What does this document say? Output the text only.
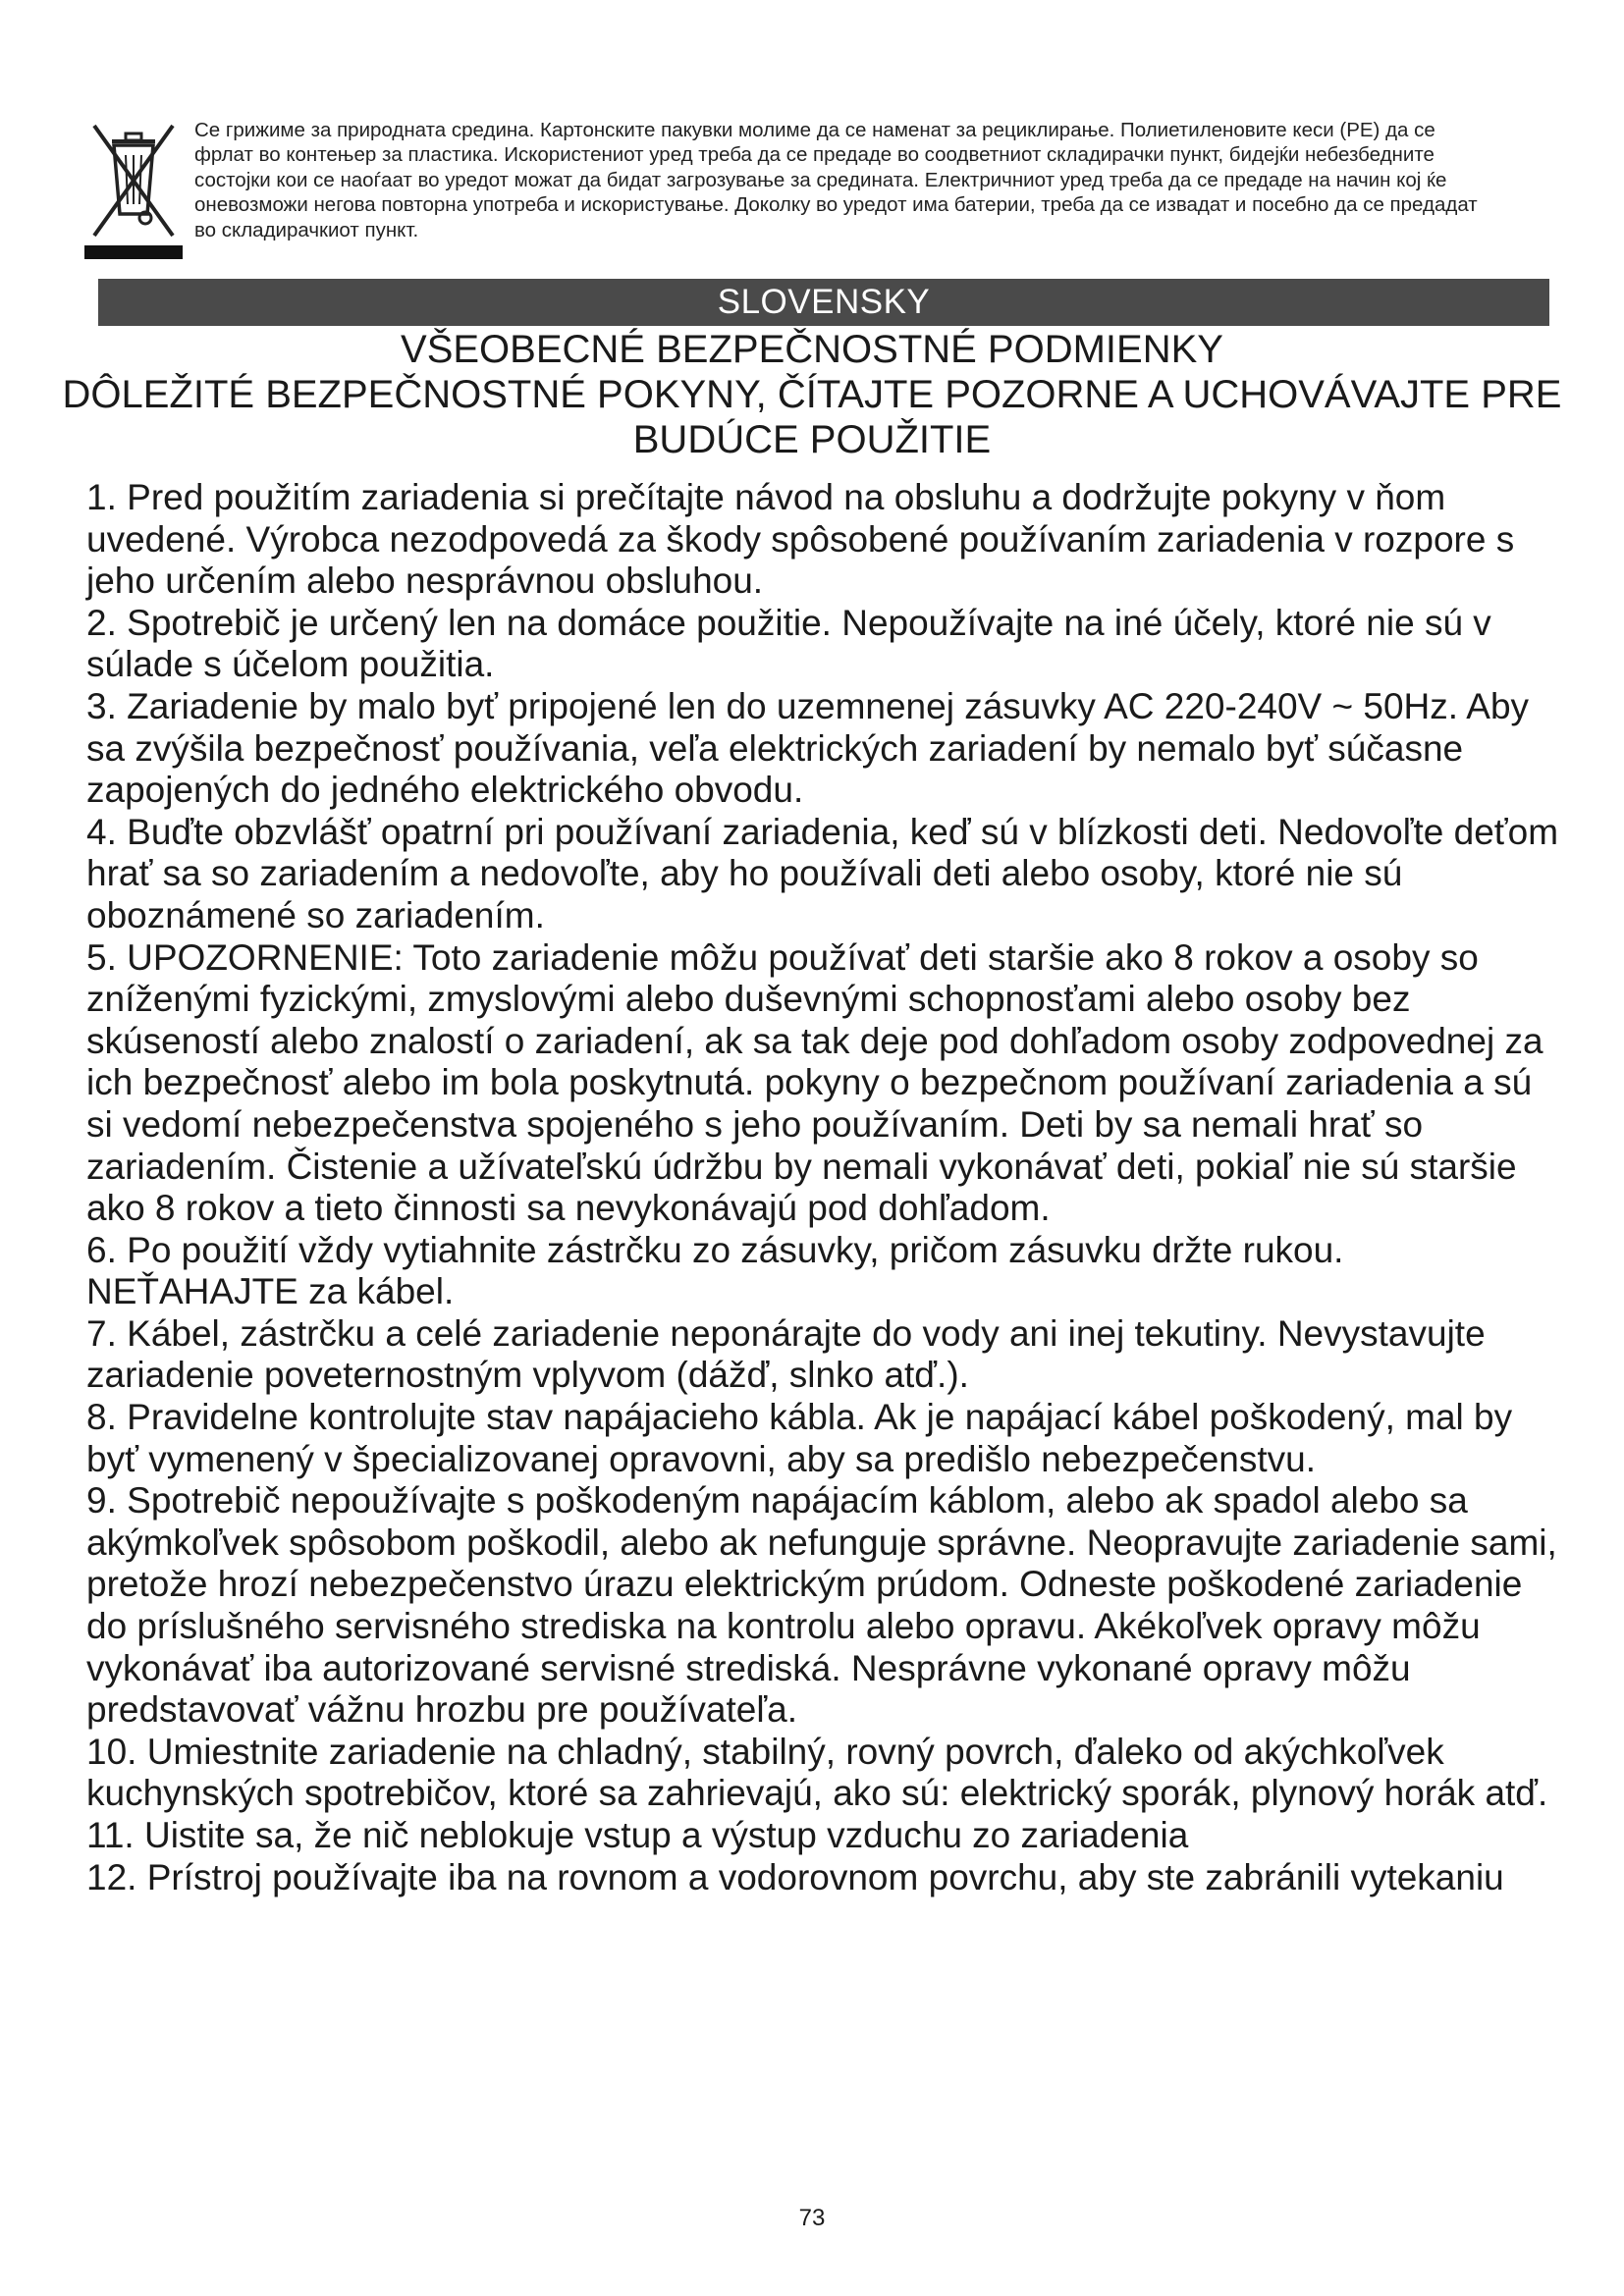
Се грижиме за природната средина. Картонските пакувки молиме да се наменат за рециклирање. Полиетиленовите кеси (PE) да се
фрлат во контењер за пластика. Искористениот уред треба да се предаде во соодветниот складирачки пункт, бидејќи небезбедните
состојки кои се наоѓаат во уредот можат да бидат загрозување за средината. Електричниот уред треба да се предаде на начин кој ќе
оневозможи негова повторна употреба и искористување. Доколку во уредот има батерии, треба да се извадат и посебно да се предадат
во складирачкиот пункт.
SLOVENSKY
VŠEOBECNÉ BEZPEČNOSTNÉ PODMIENKY
DÔLEŽITÉ BEZPEČNOSTNÉ POKYNY, ČÍTAJTE POZORNE A UCHOVÁVAJTE PRE
BUDÚCE POUŽITIE
1. Pred použitím zariadenia si prečítajte návod na obsluhu a dodržujte pokyny v ňom
uvedené. Výrobca nezodpovedá za škody spôsobené používaním zariadenia v rozpore s
jeho určením alebo nesprávnou obsluhou.
2. Spotrebič je určený len na domáce použitie. Nepoužívajte na iné účely, ktoré nie sú v
súlade s účelom použitia.
3. Zariadenie by malo byť pripojené len do uzemnenej zásuvky AC 220-240V ~ 50Hz. Aby
sa zvýšila bezpečnosť používania, veľa elektrických zariadení by nemalo byť súčasne
zapojených do jedného elektrického obvodu.
4. Buďte obzvlášť opatrní pri používaní zariadenia, keď sú v blízkosti deti. Nedovoľte deťom
hrať sa so zariadením a nedovoľte, aby ho používali deti alebo osoby, ktoré nie sú
oboznámené so zariadením.
5. UPOZORNENIE: Toto zariadenie môžu používať deti staršie ako 8 rokov a osoby so
zníženými fyzickými, zmyslovými alebo duševnými schopnosťami alebo osoby bez
skúseností alebo znalostí o zariadení, ak sa tak deje pod dohľadom osoby zodpovednej za
ich bezpečnosť alebo im bola poskytnutá. pokyny o bezpečnom používaní zariadenia a sú
si vedomí nebezpečenstva spojeného s jeho používaním. Deti by sa nemali hrať so
zariadením. Čistenie a užívateľskú údržbu by nemali vykonávať deti, pokiaľ nie sú staršie
ako 8 rokov a tieto činnosti sa nevykonávajú pod dohľadom.
6. Po použití vždy vytiahnite zástrčku zo zásuvky, pričom zásuvku držte rukou.
NEŤAHAJTE za kábel.
7. Kábel, zástrčku a celé zariadenie neponárajte do vody ani inej tekutiny. Nevystavujte
zariadenie poveternostným vplyvom (dážď, slnko atď.).
8. Pravidelne kontrolujte stav napájacieho kábla. Ak je napájací kábel poškodený, mal by
byť vymenený v špecializovanej opravovni, aby sa predišlo nebezpečenstvu.
9. Spotrebič nepoužívajte s poškodeným napájacím káblom, alebo ak spadol alebo sa
akýmkoľvek spôsobom poškodil, alebo ak nefunguje správne. Neopravujte zariadenie sami,
pretože hrozí nebezpečenstvo úrazu elektrickým prúdom. Odneste poškodené zariadenie
do príslušného servisného strediska na kontrolu alebo opravu. Akékoľvek opravy môžu
vykonávať iba autorizované servisné strediská. Nesprávne vykonané opravy môžu
predstavovať vážnu hrozbu pre používateľa.
10. Umiestnite zariadenie na chladný, stabilný, rovný povrch, ďaleko od akýchkoľvek
kuchynských spotrebičov, ktoré sa zahrievajú, ako sú: elektrický sporák, plynový horák atď.
11. Uistite sa, že nič neblokuje vstup a výstup vzduchu zo zariadenia
12. Prístroj používajte iba na rovnom a vodorovnom povrchu, aby ste zabránili vytekaniu
73
